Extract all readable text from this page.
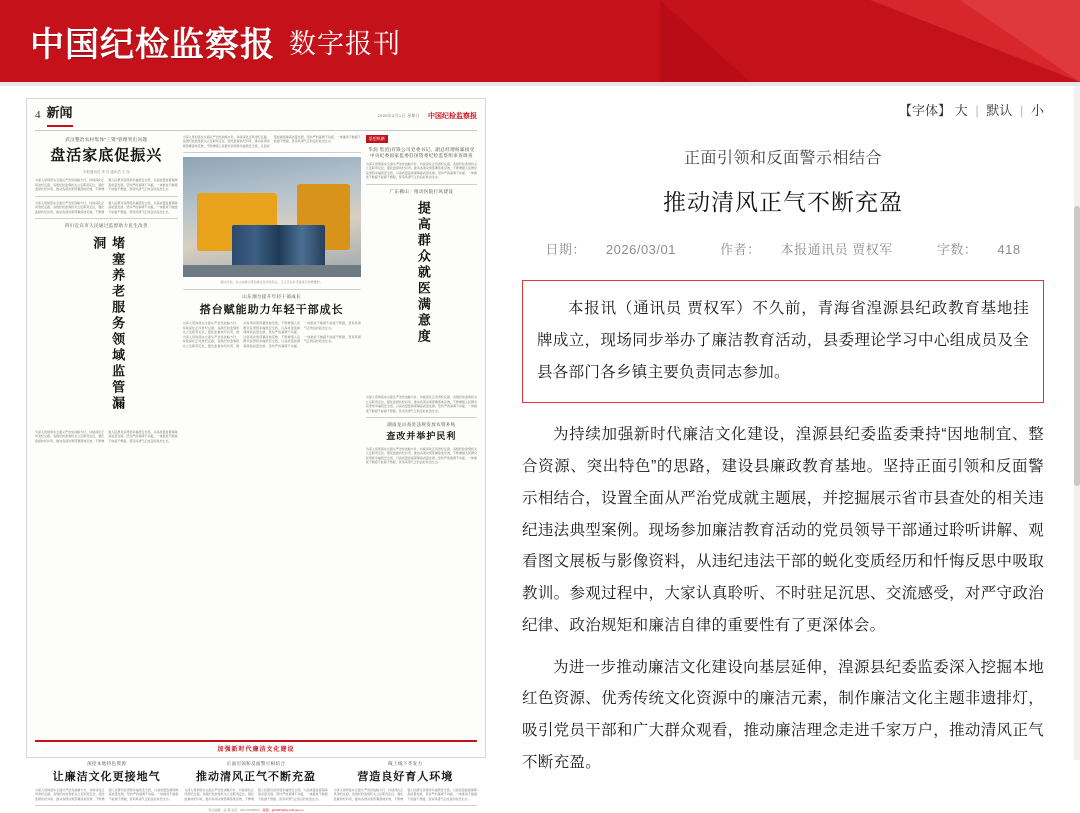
中国纪检监察报 数字报刊
4 新闻	2026年3月1日 星期日 中国纪检监察报
武汉整治农村集体“三资”管理突出问题
盘活家底促振兴
本报通讯员 李 雪 通讯员 王 伟
为深入贯彻落实全面从严治党战略方针，持续深化正风肃纪反腐，各级纪检监察机关立足职责定位，强化监督执纪问责，推动各项决策部署落地见效，不断增强人民群众获得感幸福感安全感，以高质量监督保障高质量发展。坚持严的基调不动摇，一体推进不敢腐不能腐不想腐，营造风清气正的良好政治生态。
为深入贯彻落实全面从严治党战略方针，持续深化正风肃纪反腐，各级纪检监察机关立足职责定位，强化监督执纪问责，推动各项决策部署落地见效，不断增强人民群众获得感幸福感安全感，以高质量监督保障高质量发展。坚持严的基调不动摇，一体推进不敢腐不能腐不想腐，营造风清气正的良好政治生态。
四川宜宾市人民通过监督助力民生改善
堵塞养老服务领域监管漏洞
为深入贯彻落实全面从严治党战略方针，持续深化正风肃纪反腐，各级纪检监察机关立足职责定位，强化监督执纪问责，推动各项决策部署落地见效，不断增强人民群众获得感幸福感安全感，以高质量监督保障高质量发展。坚持严的基调不动摇，一体推进不敢腐不能腐不想腐，营造风清气正的良好政治生态。
为深入贯彻落实全面从严治党战略方针，持续深化正风肃纪反腐，各级纪检监察机关立足职责定位，强化监督执纪问责，推动各项决策部署落地见效，不断增强人民群众获得感幸福感安全感，以高质量监督保障高质量发展。坚持严的基调不动摇，一体推进不敢腐不能腐不想腐，营造风清气正的良好政治生态。
图为日前，在山东港口青岛港全自动化码头，工人正在对设备进行检修维护。
山东烟台提升年轻干部成长
搭台赋能助力年轻干部成长
为深入贯彻落实全面从严治党战略方针，持续深化正风肃纪反腐，各级纪检监察机关立足职责定位，强化监督执纪问责，推动各项决策部署落地见效，不断增强人民群众获得感幸福感安全感，以高质量监督保障高质量发展。坚持严的基调不动摇，一体推进不敢腐不能腐不想腐，营造风清气正的良好政治生态。
为深入贯彻落实全面从严治党战略方针，持续深化正风肃纪反腐，各级纪检监察机关立足职责定位，强化监督执纪问责，推动各项决策部署落地见效，不断增强人民群众获得感幸福感安全感，以高质量监督保障高质量发展。坚持严的基调不动摇，一体推进不敢腐不能腐不想腐，营造风清气正的良好政治生态。
思想纵横
华润 集团)有限公司党委书记、副总经理杨霖接受中央纪委国家监委驻国资委纪检监察组审查调查
为深入贯彻落实全面从严治党战略方针，持续深化正风肃纪反腐，各级纪检监察机关立足职责定位，强化监督执纪问责，推动各项决策部署落地见效，不断增强人民群众获得感幸福感安全感，以高质量监督保障高质量发展。坚持严的基调不动摇，一体推进不敢腐不能腐不想腐，营造风清气正的良好政治生态。
广东佛山：推动医院行风建设
提高群众就医满意度
为深入贯彻落实全面从严治党战略方针，持续深化正风肃纪反腐，各级纪检监察机关立足职责定位，强化监督执纪问责，推动各项决策部署落地见效，不断增强人民群众获得感幸福感安全感，以高质量监督保障高质量发展。坚持严的基调不动摇，一体推进不敢腐不能腐不想腐，营造风清气正的良好政治生态。
湖南龙山查处违规发放农资补贴
查改并举护民利
为深入贯彻落实全面从严治党战略方针，持续深化正风肃纪反腐，各级纪检监察机关立足职责定位，强化监督执纪问责，推动各项决策部署落地见效，不断增强人民群众获得感幸福感安全感，以高质量监督保障高质量发展。坚持严的基调不动摇，一体推进不敢腐不能腐不想腐，营造风清气正的良好政治生态。
加强新时代廉洁文化建设
深挖本地特色资源
让廉洁文化更接地气
为深入贯彻落实全面从严治党战略方针，持续深化正风肃纪反腐，各级纪检监察机关立足职责定位，强化监督执纪问责，推动各项决策部署落地见效，不断增强人民群众获得感幸福感安全感，以高质量监督保障高质量发展。坚持严的基调不动摇，一体推进不敢腐不能腐不想腐，营造风清气正的良好政治生态。
正面引领和反面警示相结合
推动清风正气不断充盈
为深入贯彻落实全面从严治党战略方针，持续深化正风肃纪反腐，各级纪检监察机关立足职责定位，强化监督执纪问责，推动各项决策部署落地见效，不断增强人民群众获得感幸福感安全感，以高质量监督保障高质量发展。坚持严的基调不动摇，一体推进不敢腐不能腐不想腐，营造风清气正的良好政治生态。
线上线下齐发力
营造良好育人环境
为深入贯彻落实全面从严治党战略方针，持续深化正风肃纪反腐，各级纪检监察机关立足职责定位，强化监督执纪问责，推动各项决策部署落地见效，不断增强人民群众获得感幸福感安全感，以高质量监督保障高质量发展。坚持严的基调不动摇，一体推进不敢腐不能腐不想腐，营造风清气正的良好政治生态。
责任编辑：赵 强 电话：010-59799062 邮箱：jjjbz007@by.ccdi.gov.cn
【字体】 大 | 默认 | 小
正面引领和反面警示相结合
推动清风正气不断充盈
日期： 2026/03/01	作者： 本报通讯员 贾权军	字数： 418

本报讯（通讯员 贾权军）不久前，青海省湟源县纪政教育基地挂牌成立，现场同步举办了廉洁教育活动，县委理论学习中心组成员及全县各部门各乡镇主要负责同志参加。

为持续加强新时代廉洁文化建设，湟源县纪委监委秉持“因地制宜、整合资源、突出特色”的思路，建设县廉政教育基地。坚持正面引领和反面警示相结合，设置全面从严治党成就主题展，并挖掘展示省市县查处的相关违纪违法典型案例。现场参加廉洁教育活动的党员领导干部通过聆听讲解、观看图文展板与影像资料，从违纪违法干部的蜕化变质经历和忏悔反思中吸取教训。参观过程中，大家认真聆听、不时驻足沉思、交流感受，对严守政治纪律、政治规矩和廉洁自律的重要性有了更深体会。

为进一步推动廉洁文化建设向基层延伸，湟源县纪委监委深入挖掘本地红色资源、优秀传统文化资源中的廉洁元素，制作廉洁文化主题非遗排灯，吸引党员干部和广大群众观看，推动廉洁理念走进千家万户，推动清风正气不断充盈。
